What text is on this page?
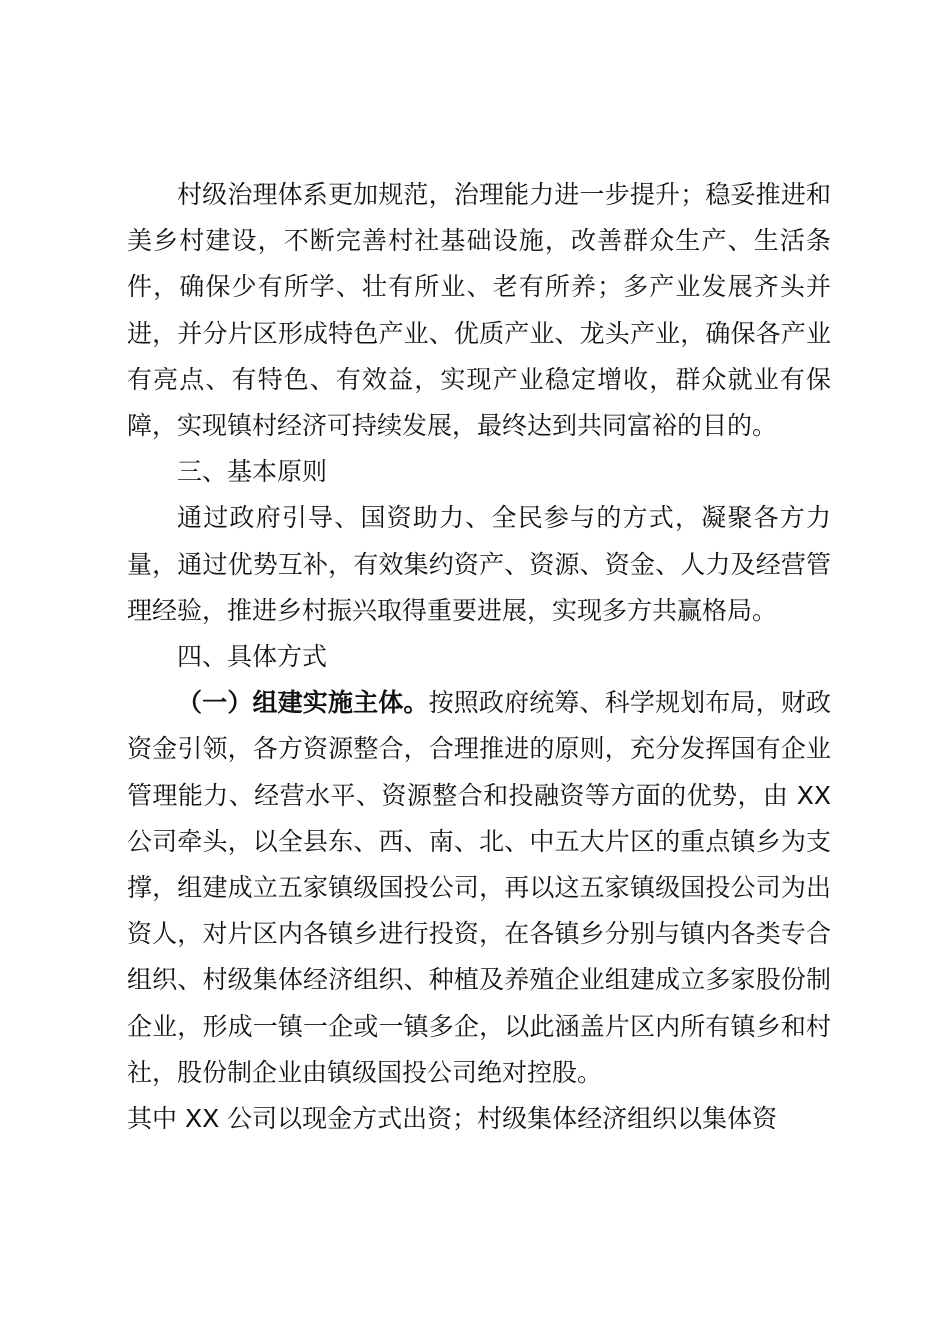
村级治理体系更加规范，治理能力进一步提升；稳妥推进和美乡村建设，不断完善村社基础设施，改善群众生产、生活条件，确保少有所学、壮有所业、老有所养；多产业发展齐头并进，并分片区形成特色产业、优质产业、龙头产业，确保各产业有亮点、有特色、有效益，实现产业稳定增收，群众就业有保障，实现镇村经济可持续发展，最终达到共同富裕的目的。

三、基本原则

通过政府引导、国资助力、全民参与的方式，凝聚各方力量，通过优势互补，有效集约资产、资源、资金、人力及经营管理经验，推进乡村振兴取得重要进展，实现多方共赢格局。

四、具体方式

（一）组建实施主体。按照政府统筹、科学规划布局，财政资金引领，各方资源整合，合理推进的原则，充分发挥国有企业管理能力、经营水平、资源整合和投融资等方面的优势，由 XX 公司牵头，以全县东、西、南、北、中五大片区的重点镇乡为支撑，组建成立五家镇级国投公司，再以这五家镇级国投公司为出资人，对片区内各镇乡进行投资，在各镇乡分别与镇内各类专合组织、村级集体经济组织、种植及养殖企业组建成立多家股份制企业，形成一镇一企或一镇多企，以此涵盖片区内所有镇乡和村社，股份制企业由镇级国投公司绝对控股。

其中 XX 公司以现金方式出资；村级集体经济组织以集体资
